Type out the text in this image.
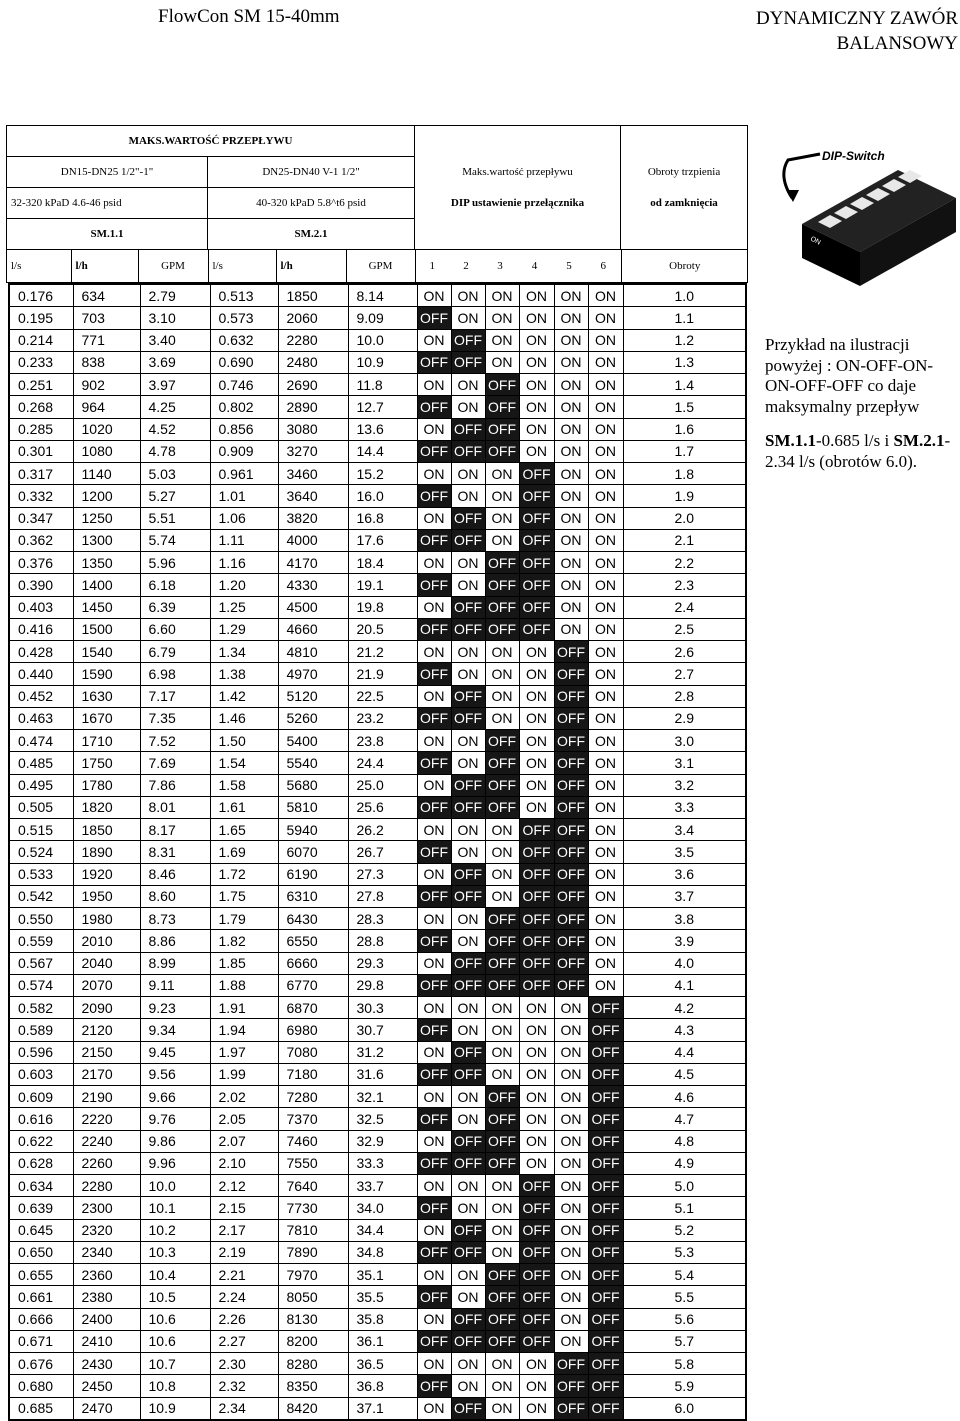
FlowCon SM 15-40mm	DYNAMICZNY ZAWÓR BALANSOWY
MAKS.WARTOŚĆ PRZEPŁYWU		
DN15-DN25 1/2"-1"	DN25-DN40 V-1 1/2"	Maks.wartość przepływu	Obroty trzpienia
32-320 kPaD 4.6-46 psid	40-320 kPaD 5.8^t6 psid	DIP ustawienie przełącznika	od zamknięcia
SM.1.1	SM.2.1		

l/s	l/h	GPM	l/s	l/h	GPM	1	2	3	4	5	6	Obroty
0.176	634	2.79	0.513	1850	8.14	ON	ON	ON	ON	ON	ON	1.0
0.195	703	3.10	0.573	2060	9.09	OFF	ON	ON	ON	ON	ON	1.1
0.214	771	3.40	0.632	2280	10.0	ON	OFF	ON	ON	ON	ON	1.2
0.233	838	3.69	0.690	2480	10.9	OFF	OFF	ON	ON	ON	ON	1.3
0.251	902	3.97	0.746	2690	11.8	ON	ON	OFF	ON	ON	ON	1.4
0.268	964	4.25	0.802	2890	12.7	OFF	ON	OFF	ON	ON	ON	1.5
0.285	1020	4.52	0.856	3080	13.6	ON	OFF	OFF	ON	ON	ON	1.6
0.301	1080	4.78	0.909	3270	14.4	OFF	OFF	OFF	ON	ON	ON	1.7
0.317	1140	5.03	0.961	3460	15.2	ON	ON	ON	OFF	ON	ON	1.8
0.332	1200	5.27	1.01	3640	16.0	OFF	ON	ON	OFF	ON	ON	1.9
0.347	1250	5.51	1.06	3820	16.8	ON	OFF	ON	OFF	ON	ON	2.0
0.362	1300	5.74	1.11	4000	17.6	OFF	OFF	ON	OFF	ON	ON	2.1
0.376	1350	5.96	1.16	4170	18.4	ON	ON	OFF	OFF	ON	ON	2.2
0.390	1400	6.18	1.20	4330	19.1	OFF	ON	OFF	OFF	ON	ON	2.3
0.403	1450	6.39	1.25	4500	19.8	ON	OFF	OFF	OFF	ON	ON	2.4
0.416	1500	6.60	1.29	4660	20.5	OFF	OFF	OFF	OFF	ON	ON	2.5
0.428	1540	6.79	1.34	4810	21.2	ON	ON	ON	ON	OFF	ON	2.6
0.440	1590	6.98	1.38	4970	21.9	OFF	ON	ON	ON	OFF	ON	2.7
0.452	1630	7.17	1.42	5120	22.5	ON	OFF	ON	ON	OFF	ON	2.8
0.463	1670	7.35	1.46	5260	23.2	OFF	OFF	ON	ON	OFF	ON	2.9
0.474	1710	7.52	1.50	5400	23.8	ON	ON	OFF	ON	OFF	ON	3.0
0.485	1750	7.69	1.54	5540	24.4	OFF	ON	OFF	ON	OFF	ON	3.1
0.495	1780	7.86	1.58	5680	25.0	ON	OFF	OFF	ON	OFF	ON	3.2
0.505	1820	8.01	1.61	5810	25.6	OFF	OFF	OFF	ON	OFF	ON	3.3
0.515	1850	8.17	1.65	5940	26.2	ON	ON	ON	OFF	OFF	ON	3.4
0.524	1890	8.31	1.69	6070	26.7	OFF	ON	ON	OFF	OFF	ON	3.5
0.533	1920	8.46	1.72	6190	27.3	ON	OFF	ON	OFF	OFF	ON	3.6
0.542	1950	8.60	1.75	6310	27.8	OFF	OFF	ON	OFF	OFF	ON	3.7
0.550	1980	8.73	1.79	6430	28.3	ON	ON	OFF	OFF	OFF	ON	3.8
0.559	2010	8.86	1.82	6550	28.8	OFF	ON	OFF	OFF	OFF	ON	3.9
0.567	2040	8.99	1.85	6660	29.3	ON	OFF	OFF	OFF	OFF	ON	4.0
0.574	2070	9.11	1.88	6770	29.8	OFF	OFF	OFF	OFF	OFF	ON	4.1
0.582	2090	9.23	1.91	6870	30.3	ON	ON	ON	ON	ON	OFF	4.2
0.589	2120	9.34	1.94	6980	30.7	OFF	ON	ON	ON	ON	OFF	4.3
0.596	2150	9.45	1.97	7080	31.2	ON	OFF	ON	ON	ON	OFF	4.4
0.603	2170	9.56	1.99	7180	31.6	OFF	OFF	ON	ON	ON	OFF	4.5
0.609	2190	9.66	2.02	7280	32.1	ON	ON	OFF	ON	ON	OFF	4.6
0.616	2220	9.76	2.05	7370	32.5	OFF	ON	OFF	ON	ON	OFF	4.7
0.622	2240	9.86	2.07	7460	32.9	ON	OFF	OFF	ON	ON	OFF	4.8
0.628	2260	9.96	2.10	7550	33.3	OFF	OFF	OFF	ON	ON	OFF	4.9
0.634	2280	10.0	2.12	7640	33.7	ON	ON	ON	OFF	ON	OFF	5.0
0.639	2300	10.1	2.15	7730	34.0	OFF	ON	ON	OFF	ON	OFF	5.1
0.645	2320	10.2	2.17	7810	34.4	ON	OFF	ON	OFF	ON	OFF	5.2
0.650	2340	10.3	2.19	7890	34.8	OFF	OFF	ON	OFF	ON	OFF	5.3
0.655	2360	10.4	2.21	7970	35.1	ON	ON	OFF	OFF	ON	OFF	5.4
0.661	2380	10.5	2.24	8050	35.5	OFF	ON	OFF	OFF	ON	OFF	5.5
0.666	2400	10.6	2.26	8130	35.8	ON	OFF	OFF	OFF	ON	OFF	5.6
0.671	2410	10.6	2.27	8200	36.1	OFF	OFF	OFF	OFF	ON	OFF	5.7
0.676	2430	10.7	2.30	8280	36.5	ON	ON	ON	ON	OFF	OFF	5.8
0.680	2450	10.8	2.32	8350	36.8	OFF	ON	ON	ON	OFF	OFF	5.9
0.685	2470	10.9	2.34	8420	37.1	ON	OFF	ON	ON	OFF	OFF	6.0
DIP-Switch
ON

Przykład na ilustracji powyżej : ON-OFF-ON-ON-OFF-OFF co daje maksymalny przepływ

SM.1.1-0.685 l/s i SM.2.1-2.34 l/s (obrotów 6.0).
